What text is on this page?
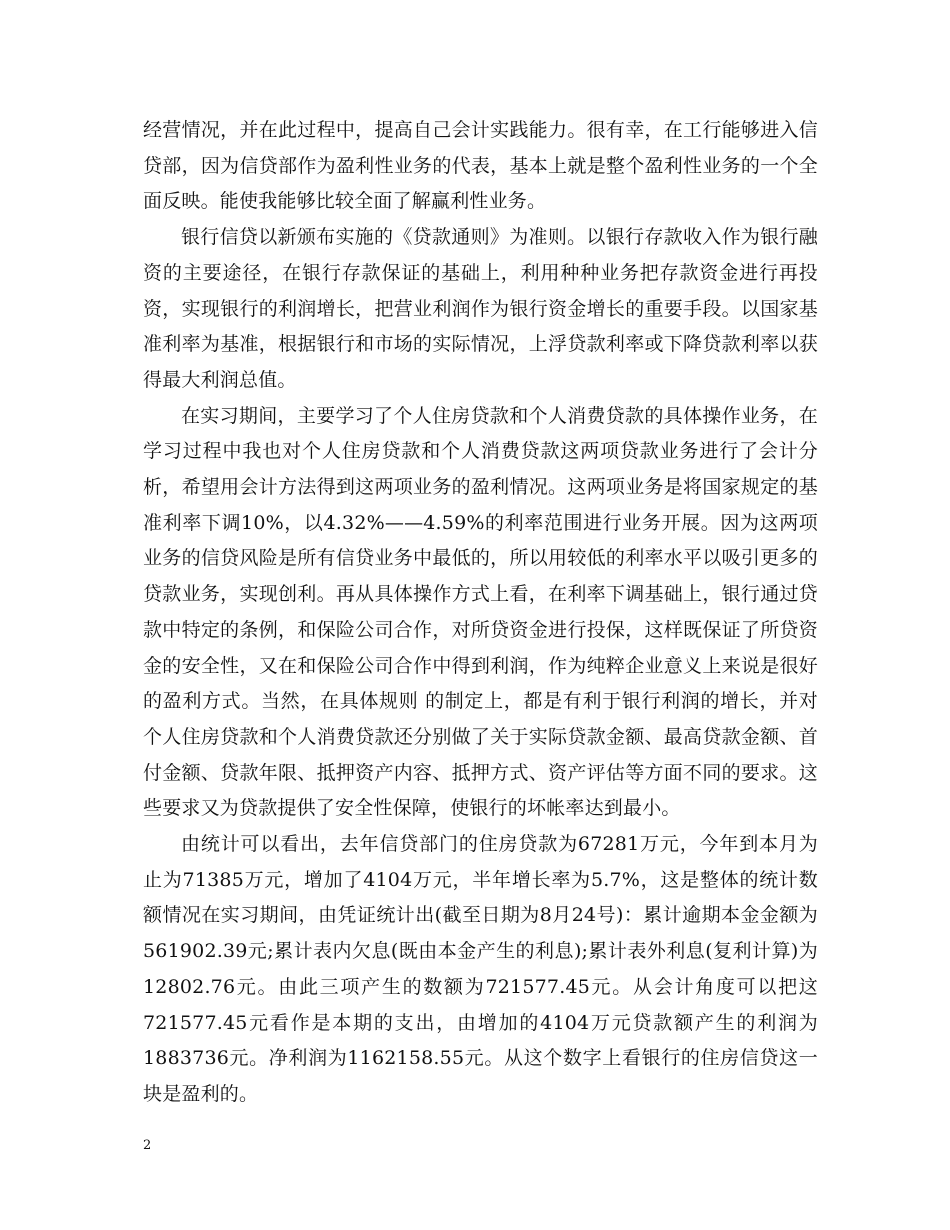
经营情况，并在此过程中，提高自己会计实践能力。很有幸，在工行能够进入信贷部，因为信贷部作为盈利性业务的代表，基本上就是整个盈利性业务的一个全面反映。能使我能够比较全面了解赢利性业务。

银行信贷以新颁布实施的《贷款通则》为准则。以银行存款收入作为银行融资的主要途径，在银行存款保证的基础上，利用种种业务把存款资金进行再投资，实现银行的利润增长，把营业利润作为银行资金增长的重要手段。以国家基准利率为基准，根据银行和市场的实际情况，上浮贷款利率或下降贷款利率以获得最大利润总值。

在实习期间，主要学习了个人住房贷款和个人消费贷款的具体操作业务，在学习过程中我也对个人住房贷款和个人消费贷款这两项贷款业务进行了会计分析，希望用会计方法得到这两项业务的盈利情况。这两项业务是将国家规定的基准利率下调10%，以4.32%——4.59%的利率范围进行业务开展。因为这两项业务的信贷风险是所有信贷业务中最低的，所以用较低的利率水平以吸引更多的贷款业务，实现创利。再从具体操作方式上看，在利率下调基础上，银行通过贷款中特定的条例，和保险公司合作，对所贷资金进行投保，这样既保证了所贷资金的安全性，又在和保险公司合作中得到利润，作为纯粹企业意义上来说是很好的盈利方式。当然，在具体规则 的制定上，都是有利于银行利润的增长，并对个人住房贷款和个人消费贷款还分别做了关于实际贷款金额、最高贷款金额、首付金额、贷款年限、抵押资产内容、抵押方式、资产评估等方面不同的要求。这些要求又为贷款提供了安全性保障，使银行的坏帐率达到最小。

由统计可以看出，去年信贷部门的住房贷款为67281万元，今年到本月为止为71385万元，增加了4104万元，半年增长率为5.7%，这是整体的统计数额情况在实习期间，由凭证统计出(截至日期为8月24号)：累计逾期本金金额为561902.39元;累计表内欠息(既由本金产生的利息);累计表外利息(复利计算)为12802.76元。由此三项产生的数额为721577.45元。从会计角度可以把这721577.45元看作是本期的支出，由增加的4104万元贷款额产生的利润为1883736元。净利润为1162158.55元。从这个数字上看银行的住房信贷这一块是盈利的。

2
